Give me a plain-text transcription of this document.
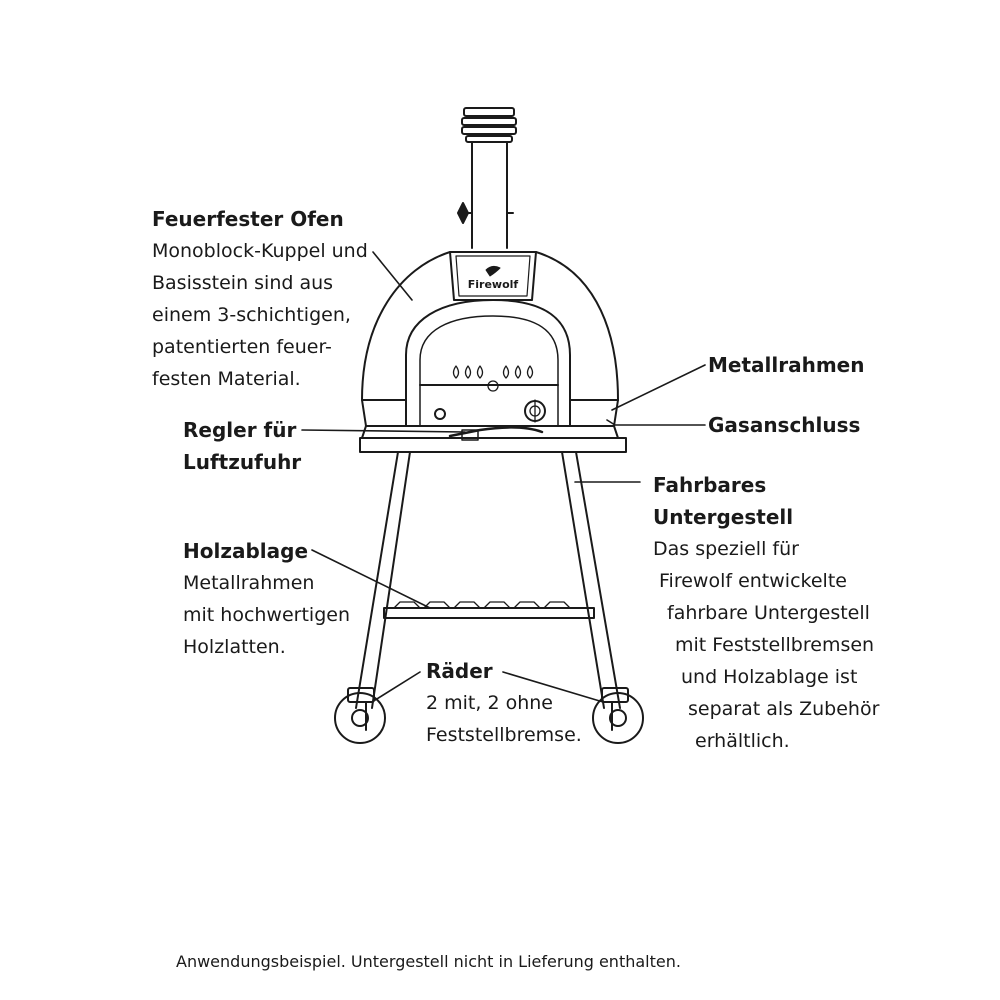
Firewolf
Feuerfester Ofen
Monoblock-Kuppel und
Basisstein sind aus
einem 3-schichtigen,
patentierten feuer-
festen Material.
Metallrahmen
Gasanschluss
Regler für
Luftzufuhr
Fahrbares
Untergestell
Das speziell für
Firewolf entwickelte
fahrbare Untergestell
mit Feststellbremsen
und Holzablage ist
separat als Zubehör
erhältlich.
Holzablage
Metallrahmen
mit hochwertigen
Holzlatten.
Räder
2 mit, 2 ohne
Feststellbremse.
Anwendungsbeispiel. Untergestell nicht in Lieferung enthalten.
